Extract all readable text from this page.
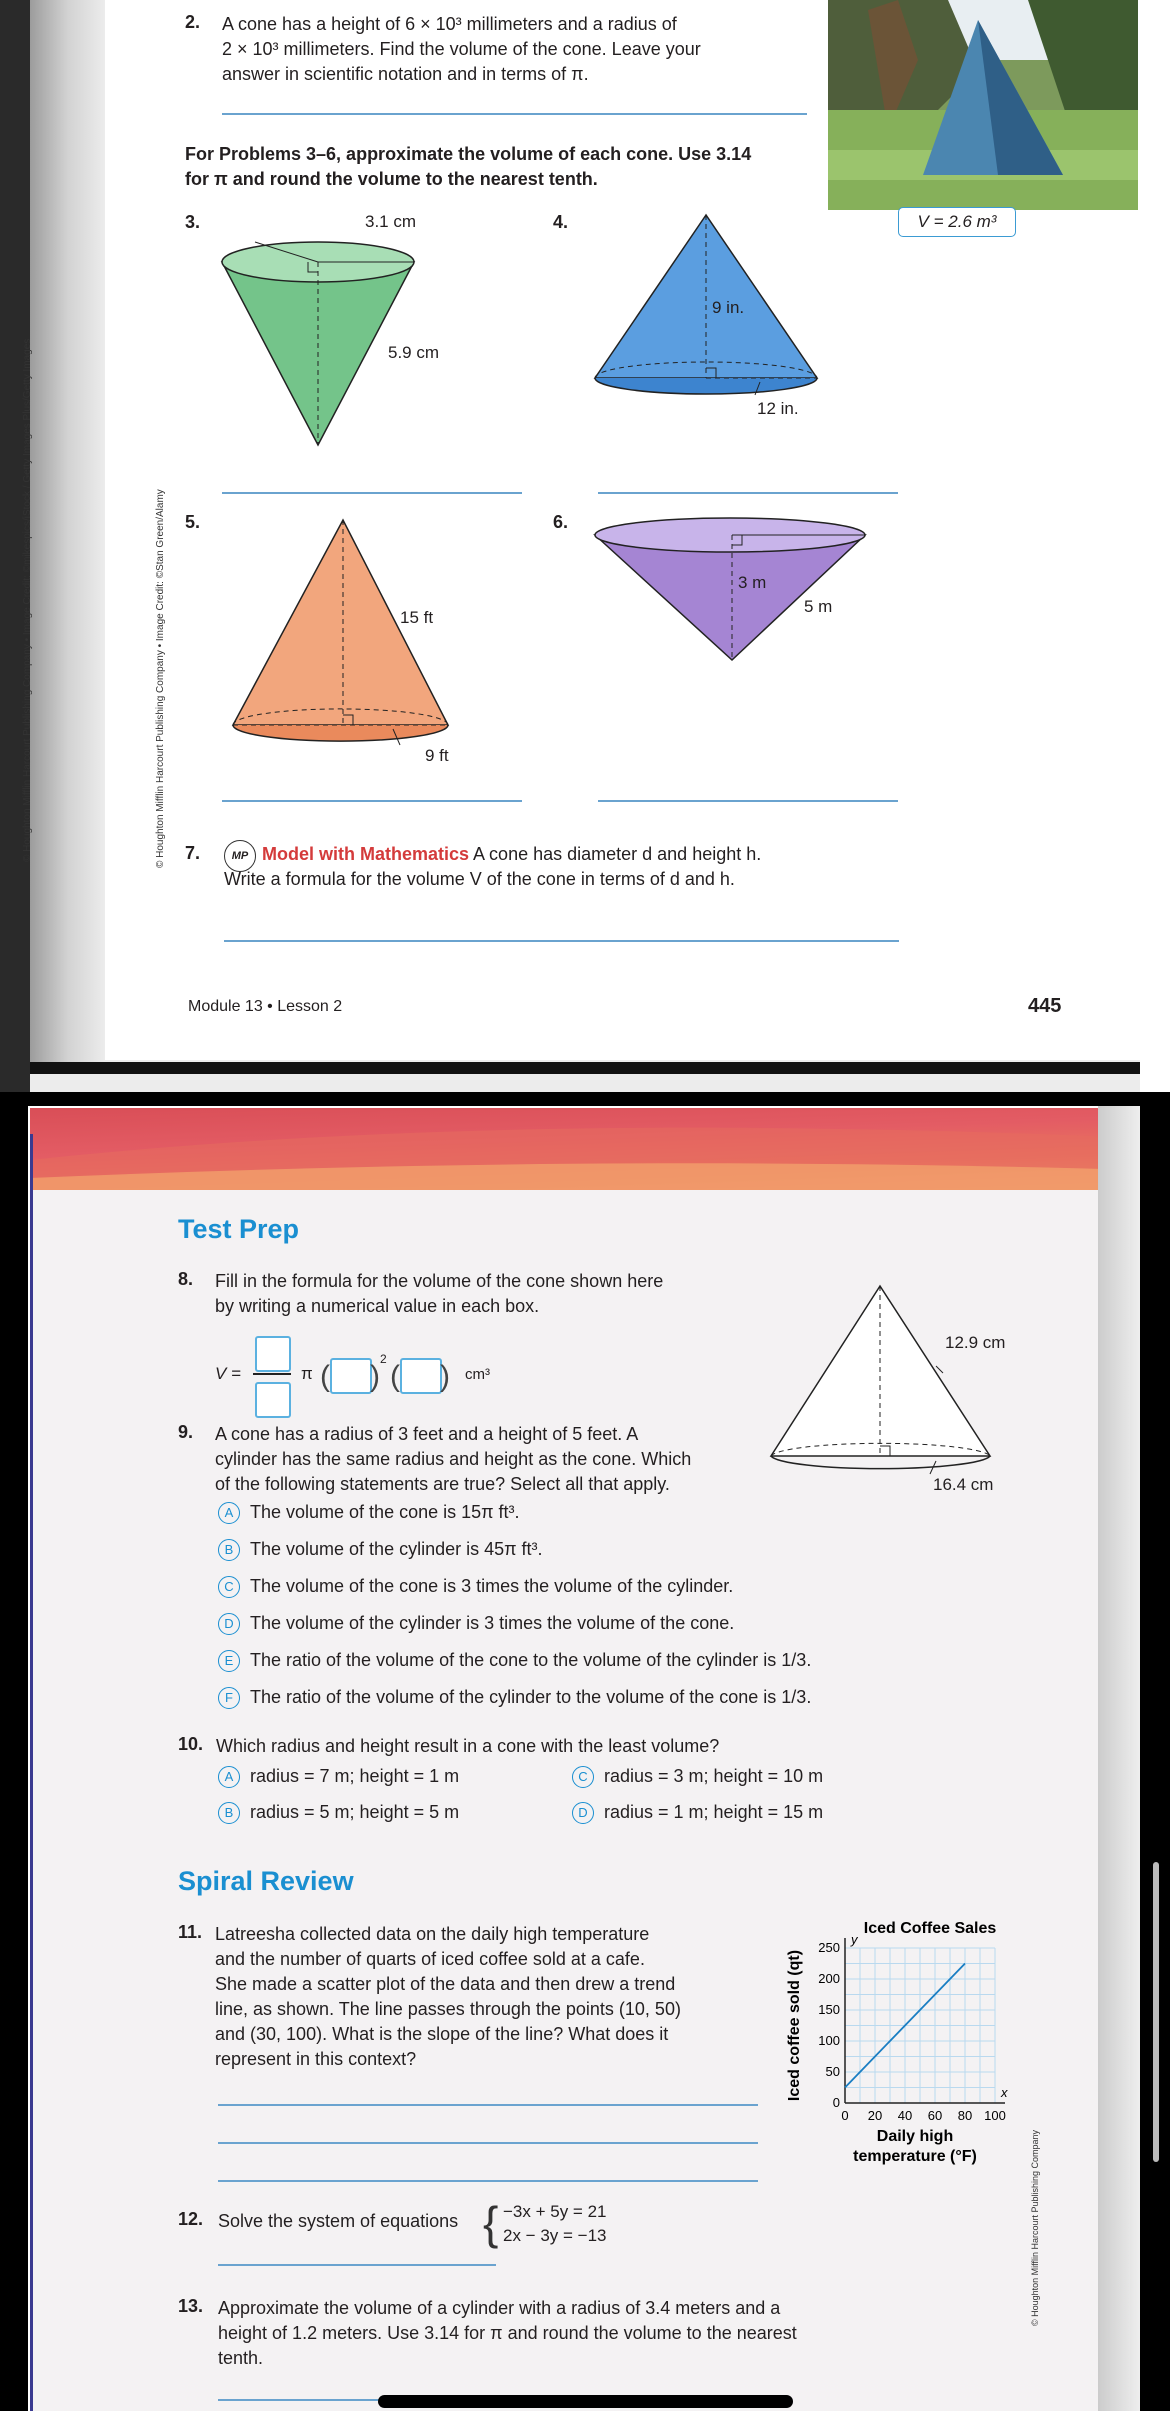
© Houghton Mifflin Harcourt Publishing Company • Image Credit: ©mikespics/iStock / Getty Images Plus/Getty Images	© Houghton Mifflin Harcourt Publishing Company • Image Credit: ©Stan Green/Alamy
2. A cone has a height of 6 × 10³ millimeters and a radius of
2 × 10³ millimeters. Find the volume of the cone. Leave your
answer in scientific notation and in terms of π.
V = 2.6 m³
For Problems 3–6, approximate the volume of each cone. Use 3.14
for π and round the volume to the nearest tenth.
3.	3.1 cm
5.9 cm
4.
9 in.
12 in.
5.
15 ft
9 ft
6.
3 m
5 m
7.	MP Model with Mathematics A cone has diameter d and height h.
Write a formula for the volume V of the cone in terms of d and h.
Module 13 • Lesson 2	445
Test Prep
8. Fill in the formula for the volume of the cone shown here
by writing a numerical value in each box.
V =	π ( )
2
( ) cm³
12.9 cm
16.4 cm
9. A cone has a radius of 3 feet and a height of 5 feet. A
cylinder has the same radius and height as the cone. Which
of the following statements are true? Select all that apply.
A The volume of the cone is 15π ft³.
B The volume of the cylinder is 45π ft³.
C The volume of the cone is 3 times the volume of the cylinder.
D The volume of the cylinder is 3 times the volume of the cone.
E The ratio of the volume of the cone to the volume of the cylinder is 1/3.
F The ratio of the volume of the cylinder to the volume of the cone is 1/3.
10. Which radius and height result in a cone with the least volume?
A radius = 7 m; height = 1 m
B radius = 5 m; height = 5 m
C radius = 3 m; height = 10 m
D radius = 1 m; height = 15 m
Spiral Review
11. Latreesha collected data on the daily high temperature
and the number of quarts of iced coffee sold at a cafe.
She made a scatter plot of the data and then drew a trend
line, as shown. The line passes through the points (10, 50)
and (30, 100). What is the slope of the line? What does it
represent in this context?
x
y
0 20 40 60 80 100
0
50
100
150
200
250
Iced Coffee Sales
Daily high
temperature (°F)
Iced coffee sold (qt)
12. Solve the system of equations { −3x + 5y = 21
2x − 3y = −13
13. Approximate the volume of a cylinder with a radius of 3.4 meters and a
height of 1.2 meters. Use 3.14 for π and round the volume to the nearest
tenth.
© Houghton Mifflin Harcourt Publishing Company
